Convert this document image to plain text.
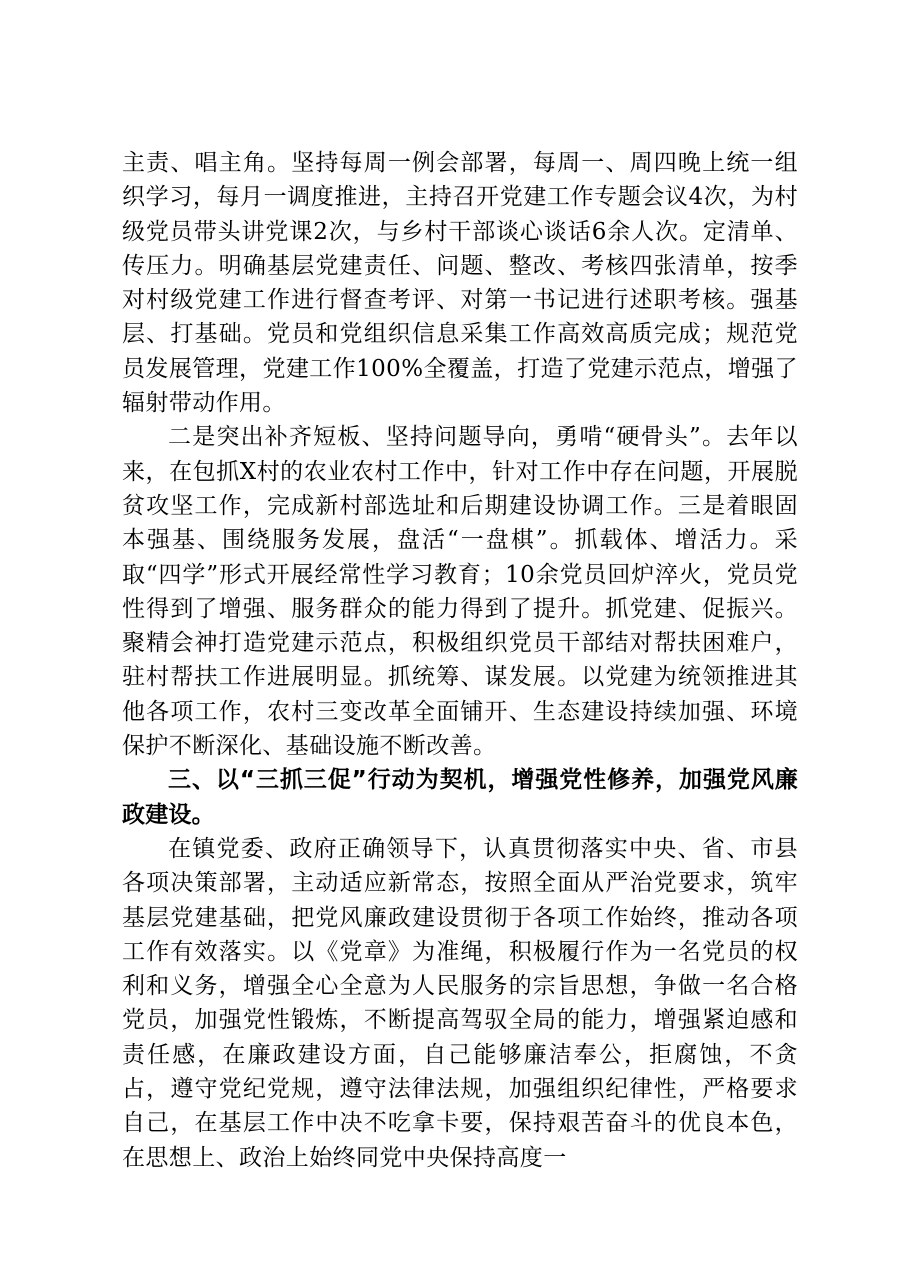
主责、唱主角。坚持每周一例会部署，每周一、周四晚上统一组织学习，每月一调度推进，主持召开党建工作专题会议4次，为村级党员带头讲党课2次，与乡村干部谈心谈话6余人次。定清单、传压力。明确基层党建责任、问题、整改、考核四张清单，按季对村级党建工作进行督查考评、对第一书记进行述职考核。强基层、打基础。党员和党组织信息采集工作高效高质完成；规范党员发展管理，党建工作100%全覆盖，打造了党建示范点，增强了辐射带动作用。

二是突出补齐短板、坚持问题导向，勇啃“硬骨头”。去年以来，在包抓X村的农业农村工作中，针对工作中存在问题，开展脱贫攻坚工作，完成新村部选址和后期建设协调工作。三是着眼固本强基、围绕服务发展，盘活“一盘棋”。抓载体、增活力。采取“四学”形式开展经常性学习教育；10余党员回炉淬火，党员党性得到了增强、服务群众的能力得到了提升。抓党建、促振兴。聚精会神打造党建示范点，积极组织党员干部结对帮扶困难户，驻村帮扶工作进展明显。抓统筹、谋发展。以党建为统领推进其他各项工作，农村三变改革全面铺开、生态建设持续加强、环境保护不断深化、基础设施不断改善。

三、以“三抓三促”行动为契机，增强党性修养，加强党风廉政建设。

在镇党委、政府正确领导下，认真贯彻落实中央、省、市县各项决策部署，主动适应新常态，按照全面从严治党要求，筑牢基层党建基础，把党风廉政建设贯彻于各项工作始终，推动各项工作有效落实。以《党章》为准绳，积极履行作为一名党员的权利和义务，增强全心全意为人民服务的宗旨思想，争做一名合格党员，加强党性锻炼，不断提高驾驭全局的能力，增强紧迫感和责任感，在廉政建设方面，自己能够廉洁奉公，拒腐蚀，不贪占，遵守党纪党规，遵守法律法规，加强组织纪律性，严格要求自己，在基层工作中决不吃拿卡要，保持艰苦奋斗的优良本色，在思想上、政治上始终同党中央保持高度一
